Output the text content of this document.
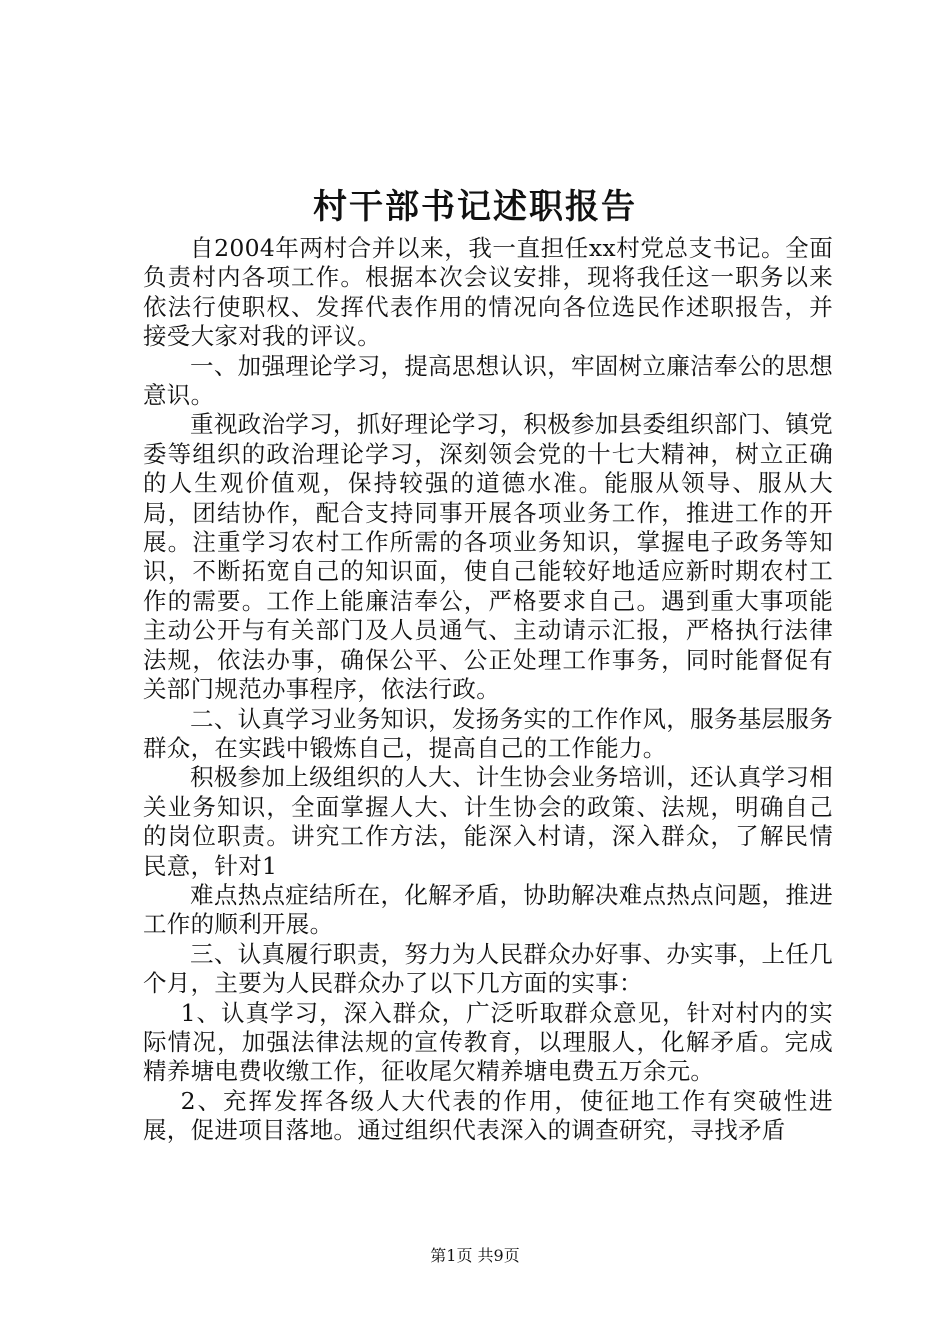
村干部书记述职报告

自2004年两村合并以来，我一直担任xx村党总支书记。全面负责村内各项工作。根据本次会议安排，现将我任这一职务以来依法行使职权、发挥代表作用的情况向各位选民作述职报告，并接受大家对我的评议。

一、加强理论学习，提高思想认识，牢固树立廉洁奉公的思想意识。

重视政治学习，抓好理论学习，积极参加县委组织部门、镇党委等组织的政治理论学习，深刻领会党的十七大精神，树立正确的人生观价值观，保持较强的道德水准。能服从领导、服从大局，团结协作，配合支持同事开展各项业务工作，推进工作的开展。注重学习农村工作所需的各项业务知识，掌握电子政务等知识，不断拓宽自己的知识面，使自己能较好地适应新时期农村工作的需要。工作上能廉洁奉公，严格要求自己。遇到重大事项能主动公开与有关部门及人员通气、主动请示汇报，严格执行法律法规，依法办事，确保公平、公正处理工作事务，同时能督促有关部门规范办事程序，依法行政。

二、认真学习业务知识，发扬务实的工作作风，服务基层服务群众，在实践中锻炼自己，提高自己的工作能力。

积极参加上级组织的人大、计生协会业务培训，还认真学习相关业务知识，全面掌握人大、计生协会的政策、法规，明确自己的岗位职责。讲究工作方法，能深入村请，深入群众，了解民情民意，针对1

难点热点症结所在，化解矛盾，协助解决难点热点问题，推进工作的顺利开展。

三、认真履行职责，努力为人民群众办好事、办实事，上任几个月，主要为人民群众办了以下几方面的实事：

1、认真学习，深入群众，广泛听取群众意见，针对村内的实际情况，加强法律法规的宣传教育，以理服人，化解矛盾。完成精养塘电费收缴工作，征收尾欠精养塘电费五万余元。

2、充挥发挥各级人大代表的作用，使征地工作有突破性进展，促进项目落地。通过组织代表深入的调查研究，寻找矛盾

第1页 共9页
